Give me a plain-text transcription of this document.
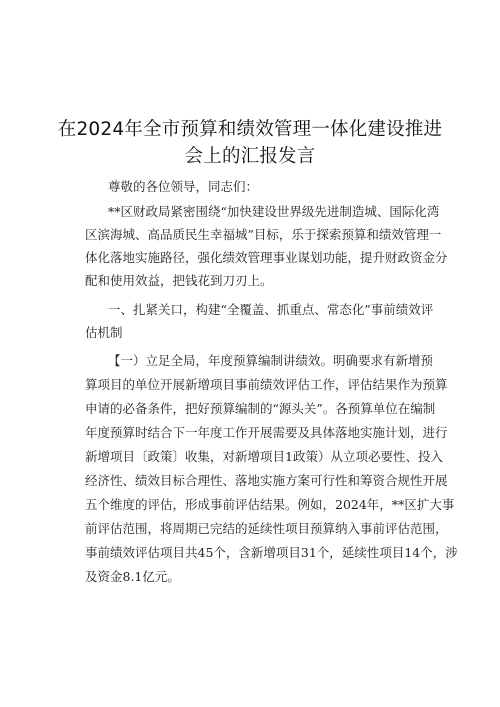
在2024年全市预算和绩效管理一体化建设推进
会上的汇报发言
尊敬的各位领导，同志们：
**区财政局紧密围绕“加快建设世界级先进制造城、国际化湾
区滨海城、高品质民生幸福城”目标，乐于探索预算和绩效管理一
体化落地实施路径，强化绩效管理事业谋划功能，提升财政资金分
配和使用效益，把钱花到刀刃上。
一、扎紧关口，构建“全覆盖、抓重点、常态化”事前绩效评
估机制
【一）立足全局，年度预算编制讲绩效。明确要求有新增预
算项目的单位开展新增项目事前绩效评估工作，评估结果作为预算
申请的必备条件，把好预算编制的“源头关”。各预算单位在编制
年度预算时结合下一年度工作开展需要及具体落地实施计划，进行
新增项目〔政策〕收集，对新增项目1政策）从立项必要性、投入
经济性、绩效目标合理性、落地实施方案可行性和筹资合规性开展
五个维度的评估，形成事前评估结果。例如，2024年，**区扩大事
前评估范围，将周期已完结的延续性项目预算纳入事前评估范围，
事前绩效评估项目共45个，含新增项目31个，延续性项目14个，涉
及资金8.1亿元。
